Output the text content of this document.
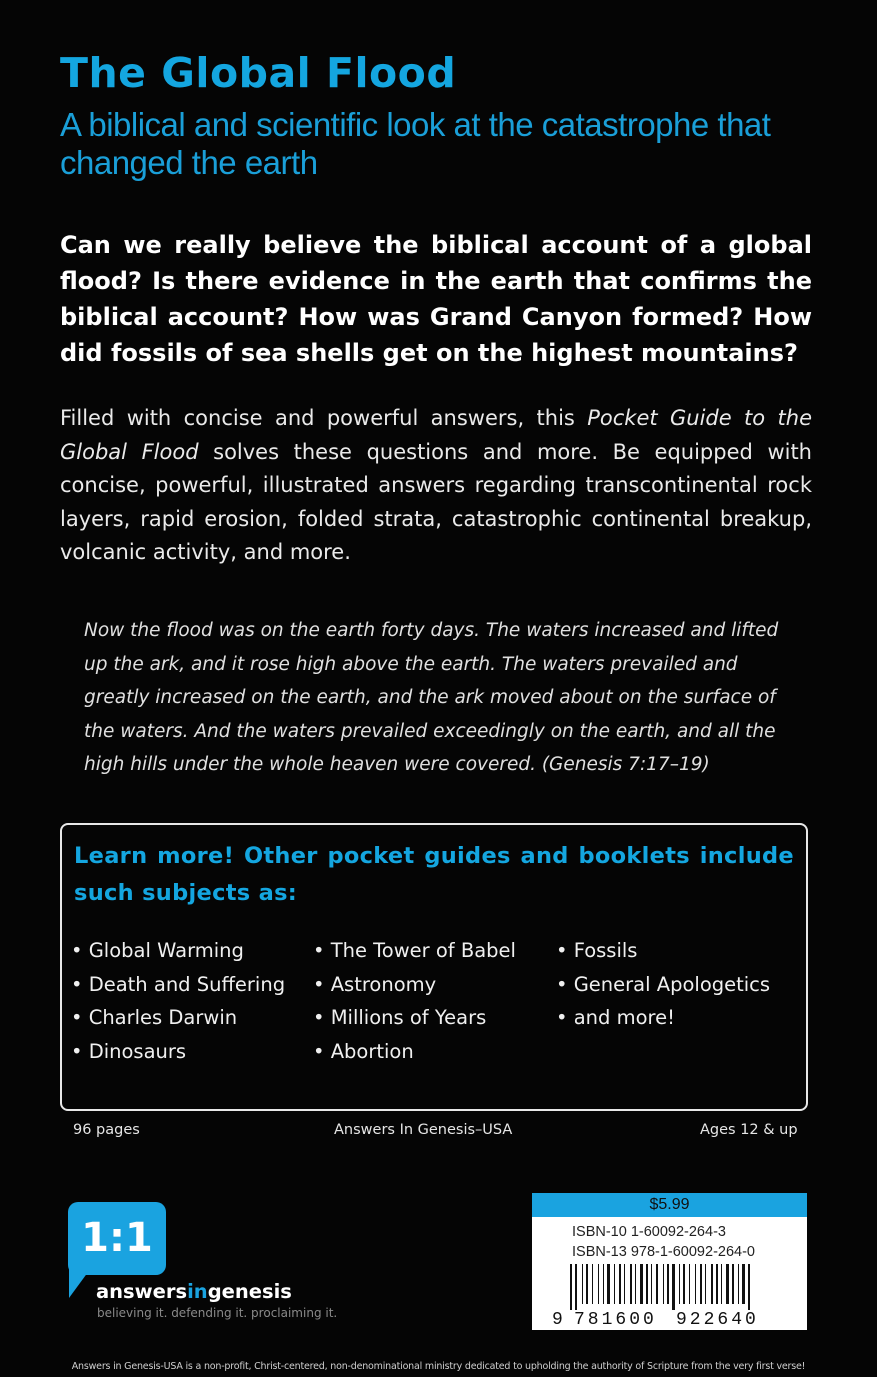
The Global Flood
A biblical and scientific look at the catastrophe that changed the earth
Can we really believe the biblical account of a global flood? Is there evidence in the earth that confirms the biblical account? How was Grand Canyon formed? How did fossils of sea shells get on the highest mountains?
Filled with concise and powerful answers, this Pocket Guide to the Global Flood solves these questions and more. Be equipped with concise, powerful, illustrated answers regarding transcontinental rock layers, rapid erosion, folded strata, catastrophic continental breakup, volcanic activity, and more.
Now the flood was on the earth forty days. The waters increased and lifted up the ark, and it rose high above the earth. The waters prevailed and greatly increased on the earth, and the ark moved about on the surface of the waters. And the waters prevailed exceedingly on the earth, and all the high hills under the whole heaven were covered. (Genesis 7:17–19)
Learn more! Other pocket guides and booklets include such subjects as:
• Global Warming
• Death and Suffering
• Charles Darwin
• Dinosaurs
• The Tower of Babel
• Astronomy
• Millions of Years
• Abortion
• Fossils
• General Apologetics
• and more!
96 pages	Answers In Genesis–USA	Ages 12 & up
1:1
answersingenesis
believing it. defending it. proclaiming it.
$5.99
ISBN-10 1-60092-264-3
ISBN-13 978-1-60092-264-0
9 781600 922640
Answers in Genesis-USA is a non-profit, Christ-centered, non-denominational ministry dedicated to upholding the authority of Scripture from the very first verse!
